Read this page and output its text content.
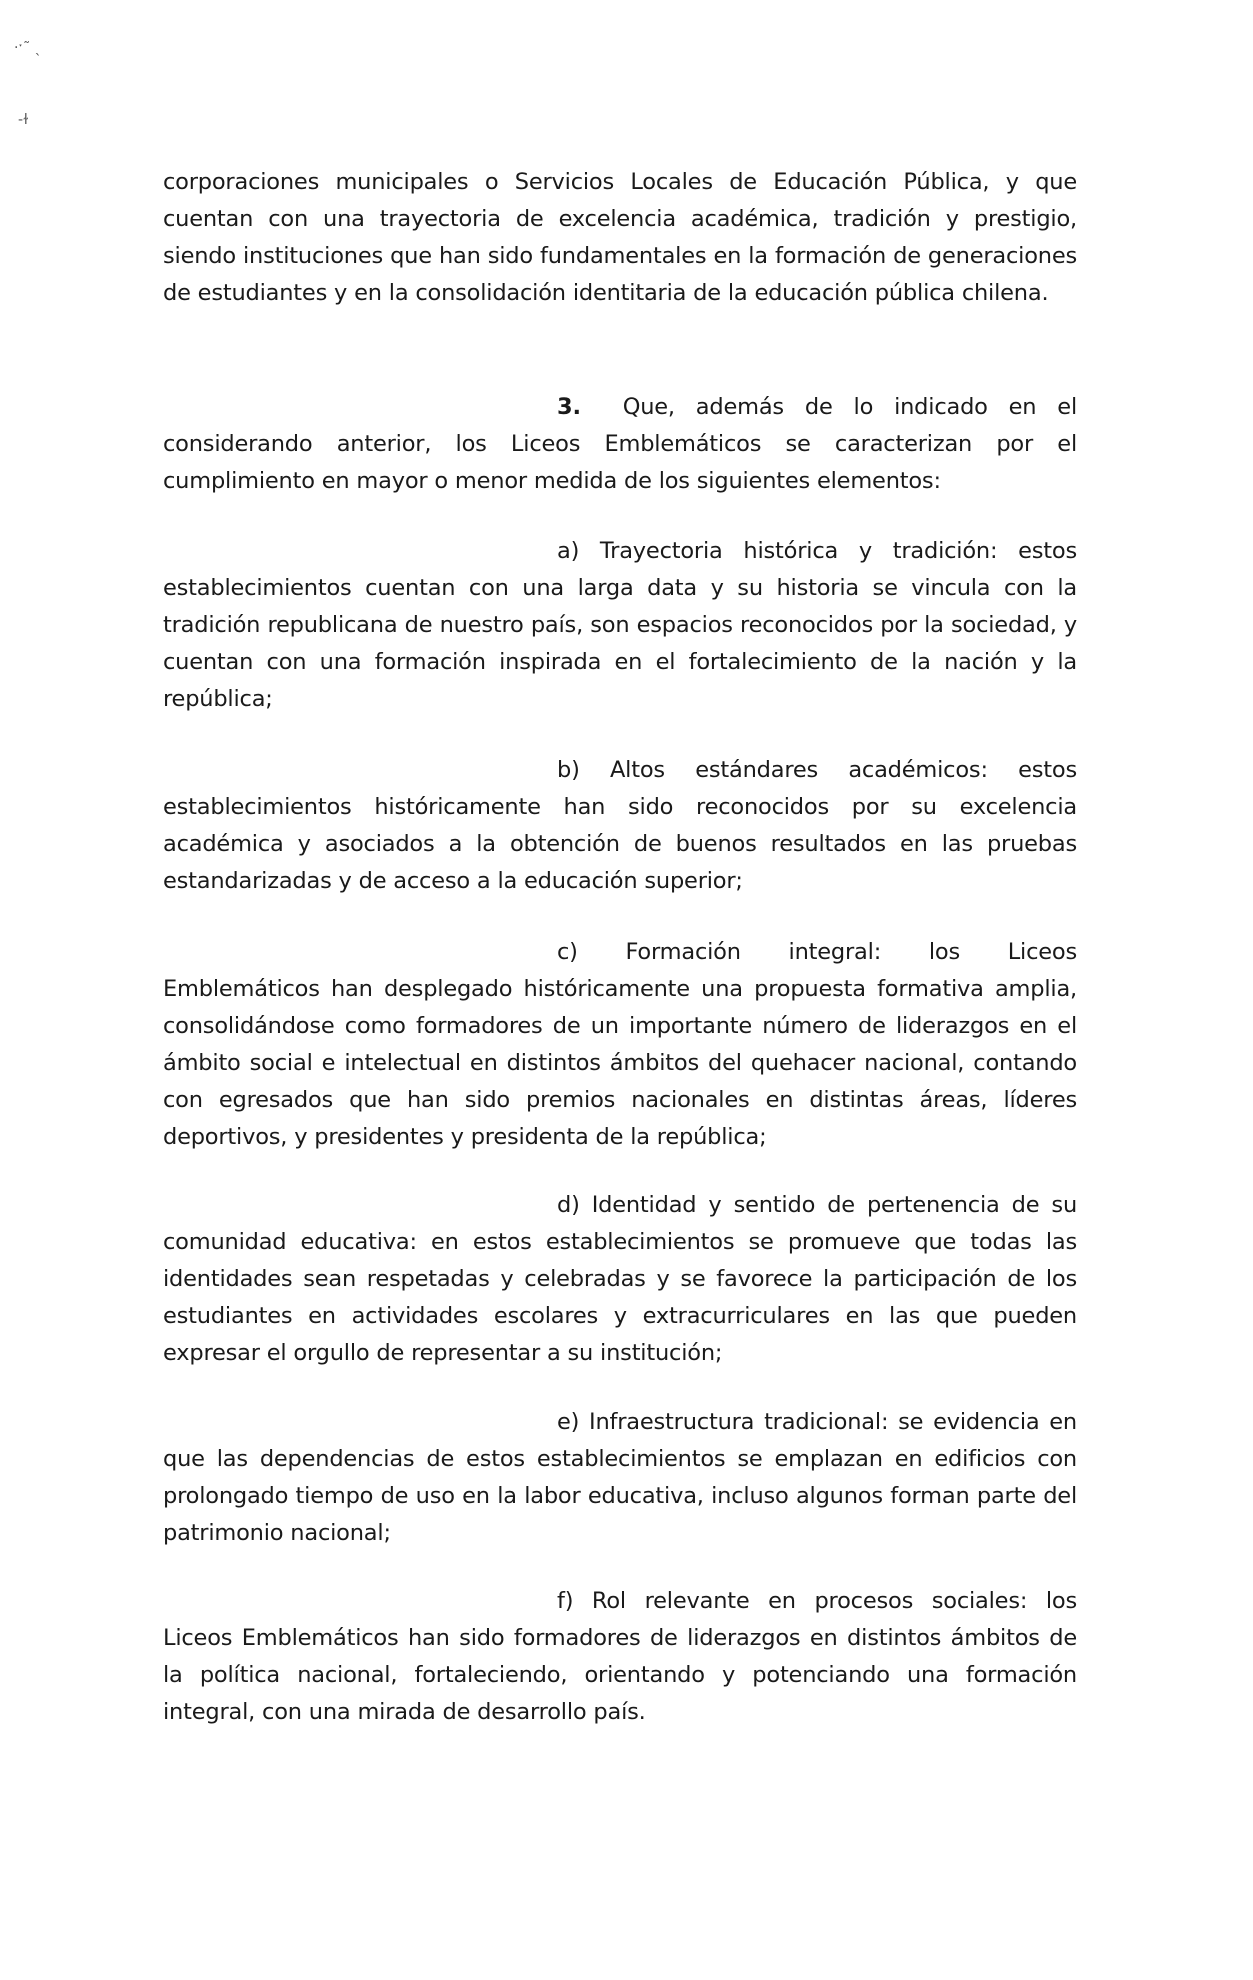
·ˑ˜ ˎ
-ɫ

corporaciones municipales o Servicios Locales de Educación Pública, y que cuentan con una trayectoria de excelencia académica, tradición y prestigio, siendo instituciones que han sido fundamentales en la formación de generaciones de estudiantes y en la consolidación identitaria de la educación pública chilena.

3. Que, además de lo indicado en el considerando anterior, los Liceos Emblemáticos se caracterizan por el cumplimiento en mayor o menor medida de los siguientes elementos:

a) Trayectoria histórica y tradición: estos establecimientos cuentan con una larga data y su historia se vincula con la tradición republicana de nuestro país, son espacios reconocidos por la sociedad, y cuentan con una formación inspirada en el fortalecimiento de la nación y la república;

b) Altos estándares académicos: estos establecimientos históricamente han sido reconocidos por su excelencia académica y asociados a la obtención de buenos resultados en las pruebas estandarizadas y de acceso a la educación superior;

c) Formación integral: los Liceos Emblemáticos han desplegado históricamente una propuesta formativa amplia, consolidándose como formadores de un importante número de liderazgos en el ámbito social e intelectual en distintos ámbitos del quehacer nacional, contando con egresados que han sido premios nacionales en distintas áreas, líderes deportivos, y presidentes y presidenta de la república;

d) Identidad y sentido de pertenencia de su comunidad educativa: en estos establecimientos se promueve que todas las identidades sean respetadas y celebradas y se favorece la participación de los estudiantes en actividades escolares y extracurriculares en las que pueden expresar el orgullo de representar a su institución;

e) Infraestructura tradicional: se evidencia en que las dependencias de estos establecimientos se emplazan en edificios con prolongado tiempo de uso en la labor educativa, incluso algunos forman parte del patrimonio nacional;

f) Rol relevante en procesos sociales: los Liceos Emblemáticos han sido formadores de liderazgos en distintos ámbitos de la política nacional, fortaleciendo, orientando y potenciando una formación integral, con una mirada de desarrollo país.
